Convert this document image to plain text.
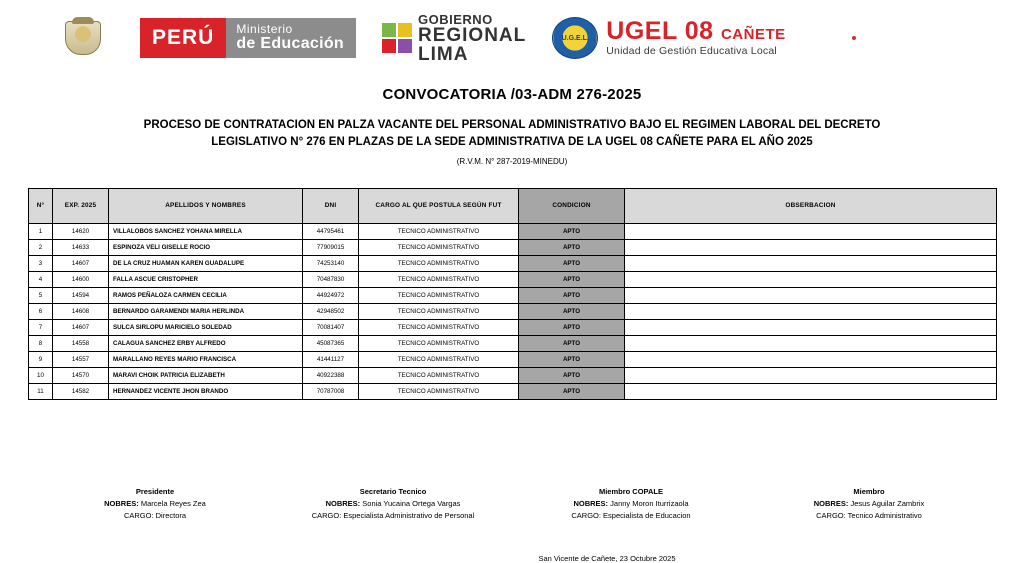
PERÚ	Ministerio
de Educación
GOBIERNO
REGIONAL
LIMA
U.G.E.L. UGEL 08 CAÑETE
Unidad de Gestión Educativa Local
CONVOCATORIA /03-ADM 276-2025
PROCESO DE CONTRATACION EN PALZA VACANTE DEL PERSONAL ADMINISTRATIVO BAJO EL REGIMEN LABORAL DEL DECRETO
LEGISLATIVO N° 276 EN PLAZAS DE LA SEDE ADMINISTRATIVA DE LA UGEL 08 CAÑETE PARA EL AÑO 2025
(R.V.M. N° 287-2019-MINEDU)
N°	EXP. 2025	APELLIDOS Y NOMBRES	DNI	CARGO AL QUE POSTULA SEGÚN FUT	CONDICION	OBSERBACION
1	14620	VILLALOBOS SANCHEZ YOHANA MIRELLA	44795461	TECNICO ADMINISTRATIVO	APTO	
2	14633	ESPINOZA VELI GISELLE ROCIO	77909015	TECNICO ADMINISTRATIVO	APTO	
3	14607	DE LA CRUZ HUAMAN KAREN GUADALUPE	74253140	TECNICO ADMINISTRATIVO	APTO	
4	14600	FALLA ASCUE CRISTOPHER	70487830	TECNICO ADMINISTRATIVO	APTO	
5	14594	RAMOS PEÑALOZA CARMEN CECILIA	44924972	TECNICO ADMINISTRATIVO	APTO	
6	14608	BERNARDO GARAMENDI MARIA HERLINDA	42948502	TECNICO ADMINISTRATIVO	APTO	
7	14607	SULCA SIRLOPU MARICIELO SOLEDAD	70081407	TECNICO ADMINISTRATIVO	APTO	
8	14558	CALAGUA SANCHEZ ERBY ALFREDO	45087365	TECNICO ADMINISTRATIVO	APTO	
9	14557	MARALLANO REYES MARIO FRANCISCA	41441127	TECNICO ADMINISTRATIVO	APTO	
10	14570	MARAVI CHOIK PATRICIA ELIZABETH	40922388	TECNICO ADMINISTRATIVO	APTO	
11	14582	HERNANDEZ VICENTE JHON BRANDO	70787008	TECNICO ADMINISTRATIVO	APTO	
Presidente
NOBRES: Marcela Reyes Zea
CARGO: Directora
Secretario Tecnico
NOBRES: Sonia Yucaina Ortega Vargas
CARGO: Especialista Administrativo de Personal
Miembro COPALE
NOBRES: Janny Moron Iturrizaola
CARGO: Especialista de Educacion
Miembro
NOBRES: Jesus Aguilar Zambrix
CARGO: Tecnico Administrativo
San Vicente de Cañete, 23 Octubre 2025
